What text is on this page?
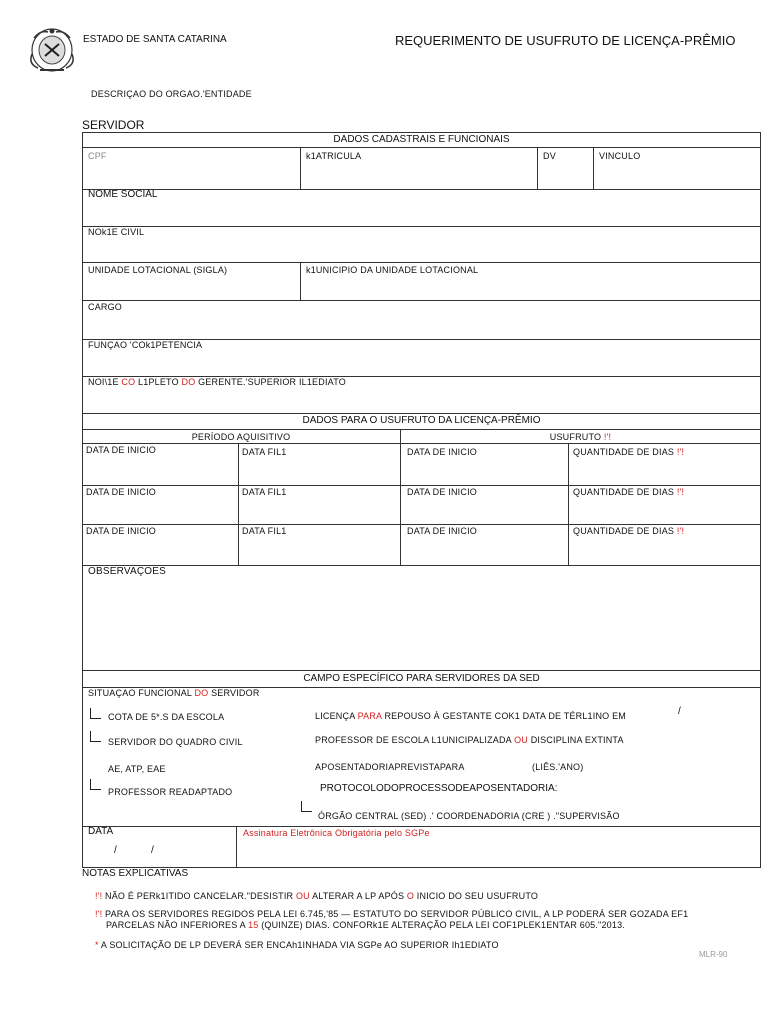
ESTADO DE SANTA CATARINA	REQUERIMENTO DE USUFRUTO DE LICENÇA-PRÊMIO
DESCRIÇAO DO ORGAO.'ENTIDADE
SERVIDOR
DADOS CADASTRAIS E FUNCIONAIS
CPF	k1ATRICULA	DV	VINCULO
NOME SOCIAL
NOk1E CIVIL
UNIDADE LOTACIONAL (SIGLA)	k1UNICIPIO DA UNIDADE LOTACIONAL
CARGO
FUNÇAO 'COk1PETENCIA
NOI\1E CO L1PLETO DO GERENTE.'SUPERIOR IL1EDIATO
DADOS PARA O USUFRUTO DA LICENÇA-PRÊMIO
PERÍODO AQUISITIVO	USUFRUTO !'!
DATA DE INICIO	DATA FIL1	DATA DE INICIO	QUANTIDADE DE DIAS !'!
DATA DE INICIO	DATA FIL1	DATA DE INICIO	QUANTIDADE DE DIAS !'!
DATA DE INICIO	DATA FIL1	DATA DE INICIO	QUANTIDADE DE DIAS !'!
OBSERVAÇOES
CAMPO ESPECÍFICO PARA SERVIDORES DA SED
SITUAÇAO FUNCIONAL DO SERVIDOR
COTA DE 5*.S DA ESCOLA
SERVIDOR DO QUADRO CIVIL
AE, ATP, EAE
PROFESSOR READAPTADO
LICENÇA PARA REPOUSO À GESTANTE COK1 DATA DE TÉRL1INO EM	/
PROFESSOR DE ESCOLA L1UNICIPALIZADA OU DISCIPLINA EXTINTA
APOSENTADORIAPREVISTAPARA	(LIÊS.'ANO)
PROTOCOLODOPROCESSODEAPOSENTADORIA:
ÓRGÃO CENTRAL (SED) .' COORDENADORIA (CRE ) ."SUPERVISÃO
DATA
/	/
Assinatura Eletrônica Obrigatória pelo SGPe
NOTAS EXPLICATIVAS
!'! NÃO É PERk1ITIDO CANCELAR."DESISTIR OU ALTERAR A LP APÓS O INICIO DO SEU USUFRUTO
!'! PARA OS SERVIDORES REGIDOS PELA LEI 6.745,'85 — ESTATUTO DO SERVIDOR PÚBLICO CIVIL, A LP PODERÁ SER GOZADA EF1
PARCELAS NÃO INFERIORES A 15 (QUINZE) DIAS. CONFORk1E ALTERAÇÃO PELA LEI COF1PLEK1ENTAR 605."2013.
* A SOLICITAÇÃO DE LP DEVERÁ SER ENCAh1INHADA VIA SGPe AO SUPERIOR Ih1EDIATO
MLR-90
